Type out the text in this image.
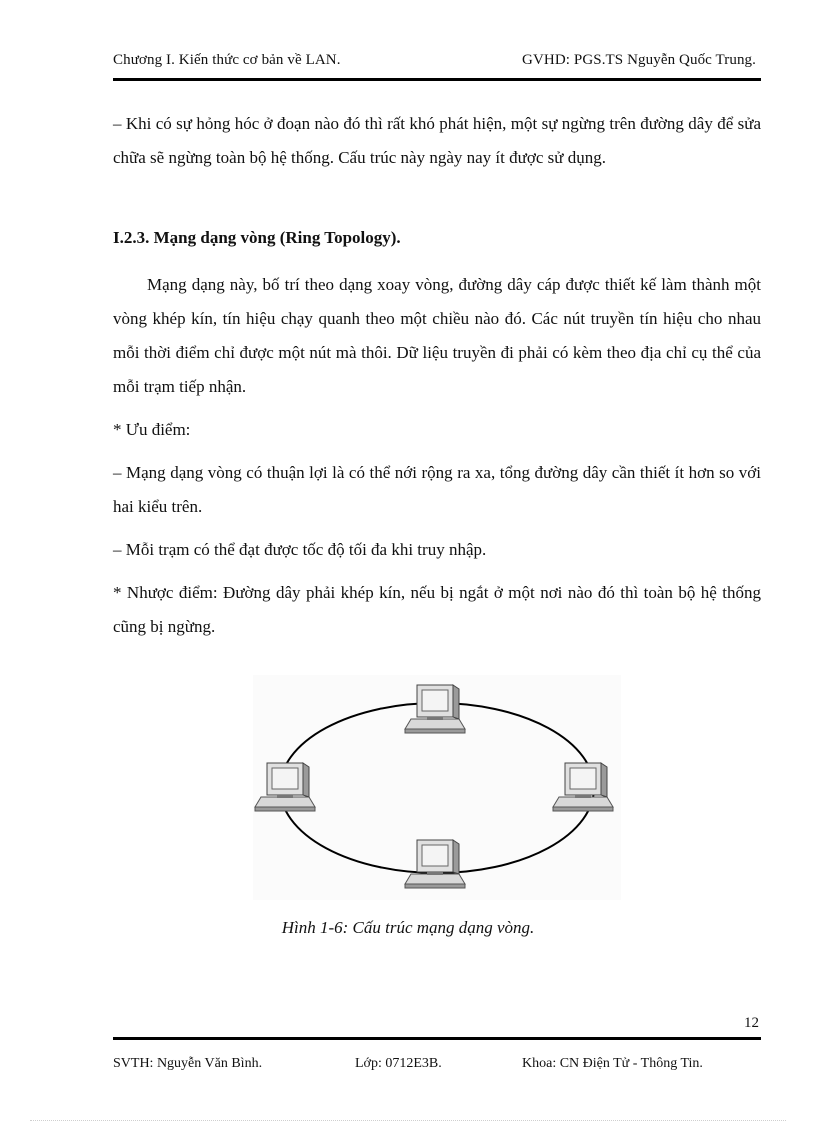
Chương I. Kiến thức cơ bản về LAN.	GVHD: PGS.TS Nguyễn Quốc Trung.

– Khi có sự hỏng hóc ở đoạn nào đó thì rất khó phát hiện, một sự ngừng trên đường dây để sửa chữa sẽ ngừng toàn bộ hệ thống. Cấu trúc này ngày nay ít được sử dụng.

I.2.3. Mạng dạng vòng (Ring Topology).

Mạng dạng này, bố trí theo dạng xoay vòng, đường dây cáp được thiết kế làm thành một vòng khép kín, tín hiệu chạy quanh theo một chiều nào đó. Các nút truyền tín hiệu cho nhau mỗi thời điểm chỉ được một nút mà thôi. Dữ liệu truyền đi phải có kèm theo địa chỉ cụ thể của mỗi trạm tiếp nhận.

* Ưu điểm:

– Mạng dạng vòng có thuận lợi là có thể nới rộng ra xa, tổng đường dây cần thiết ít hơn so với hai kiểu trên.

– Mỗi trạm có thể đạt được tốc độ tối đa khi truy nhập.

* Nhược điểm: Đường dây phải khép kín, nếu bị ngắt ở một nơi nào đó thì toàn bộ hệ thống cũng bị ngừng.

Hình 1-6: Cấu trúc mạng dạng vòng.
12
SVTH: Nguyễn Văn Bình.	Lớp: 0712E3B.	Khoa: CN Điện Tử - Thông Tin.
